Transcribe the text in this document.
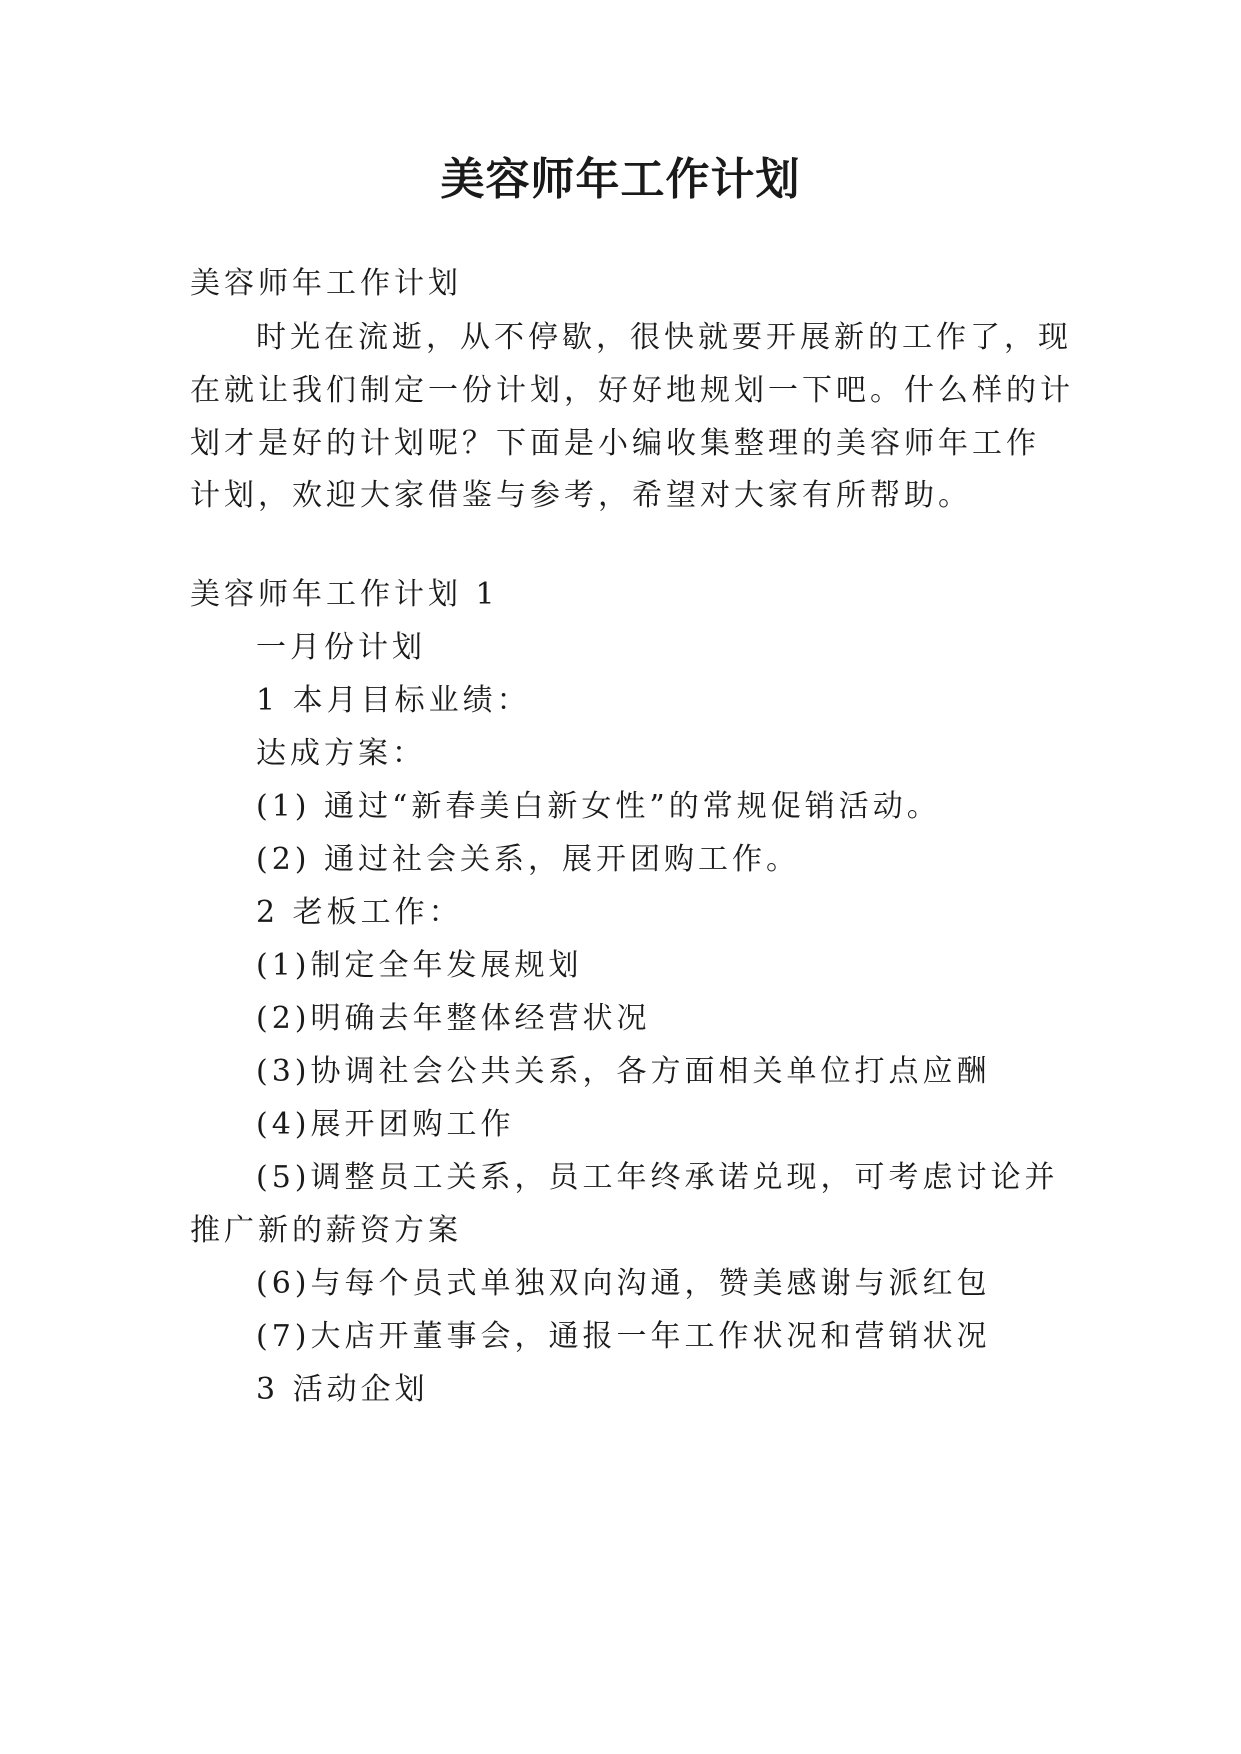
美容师年工作计划
美容师年工作计划
时光在流逝，从不停歇，很快就要开展新的工作了，现
在就让我们制定一份计划，好好地规划一下吧。什么样的计
划才是好的计划呢？下面是小编收集整理的美容师年工作
计划，欢迎大家借鉴与参考，希望对大家有所帮助。
美容师年工作计划 1
一月份计划
1 本月目标业绩：
达成方案：
(1) 通过“新春美白新女性”的常规促销活动。
(2) 通过社会关系，展开团购工作。
2 老板工作：
(1)制定全年发展规划
(2)明确去年整体经营状况
(3)协调社会公共关系，各方面相关单位打点应酬
(4)展开团购工作
(5)调整员工关系，员工年终承诺兑现，可考虑讨论并
推广新的薪资方案
(6)与每个员式单独双向沟通，赞美感谢与派红包
(7)大店开董事会，通报一年工作状况和营销状况
3 活动企划
